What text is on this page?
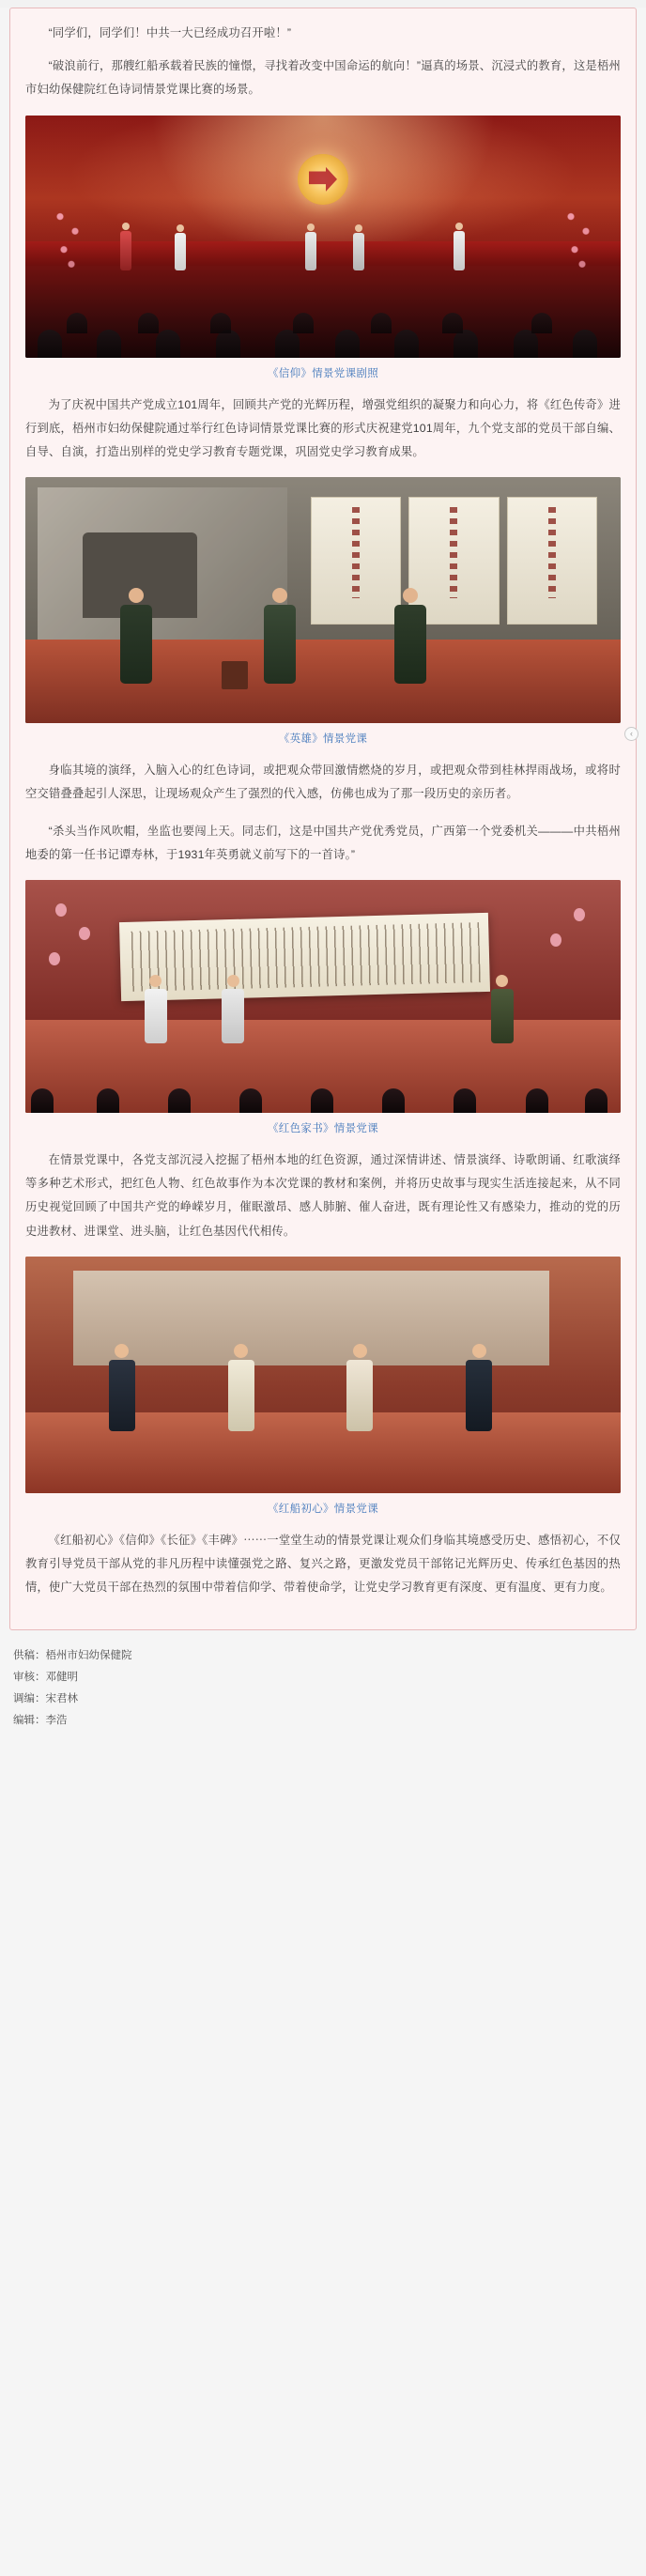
“同学们，同学们！中共一大已经成功召开啦！”

“破浪前行，那艘红船承载着民族的憧憬，寻找着改变中国命运的航向！”逼真的场景、沉浸式的教育，这是梧州市妇幼保健院红色诗词情景党课比赛的场景。

《信仰》情景党课剧照

为了庆祝中国共产党成立101周年，回顾共产党的光辉历程，增强党组织的凝聚力和向心力，将《红色传奇》进行到底，梧州市妇幼保健院通过举行红色诗词情景党课比赛的形式庆祝建党101周年，九个党支部的党员干部自编、自导、自演，打造出别样的党史学习教育专题党课，巩固党史学习教育成果。

《英雄》情景党课

身临其境的演绎，入脑入心的红色诗词，或把观众带回激情燃烧的岁月，或把观众带到桂林捍雨战场，或将时空交错叠叠起引人深思，让现场观众产生了强烈的代入感，仿佛也成为了那一段历史的亲历者。

“杀头当作风吹帽，坐监也要闯上天。同志们，这是中国共产党优秀党员，广西第一个党委机关———中共梧州地委的第一任书记谭寿林，于1931年英勇就义前写下的一首诗。”

《红色家书》情景党课

在情景党课中，各党支部沉浸入挖掘了梧州本地的红色资源，通过深情讲述、情景演绎、诗歌朗诵、红歌演绎等多种艺术形式，把红色人物、红色故事作为本次党课的教材和案例，并将历史故事与现实生活连接起来，从不同历史视觉回顾了中国共产党的峥嵘岁月，催眠激昂、感人肺腑、催人奋进，既有理论性又有感染力，推动的党的历史进教材、进课堂、进头脑，让红色基因代代相传。

《红船初心》情景党课

《红船初心》《信仰》《长征》《丰碑》⋯⋯一堂堂生动的情景党课让观众们身临其境感受历史、感悟初心，不仅教育引导党员干部从党的非凡历程中读懂强党之路、复兴之路，更激发党员干部铭记光辉历史、传承红色基因的热情，使广大党员干部在热烈的氛围中带着信仰学、带着使命学，让党史学习教育更有深度、更有温度、更有力度。

‹
供稿：梧州市妇幼保健院
审核：邓健明
调编：宋君林
编辑：李浩
